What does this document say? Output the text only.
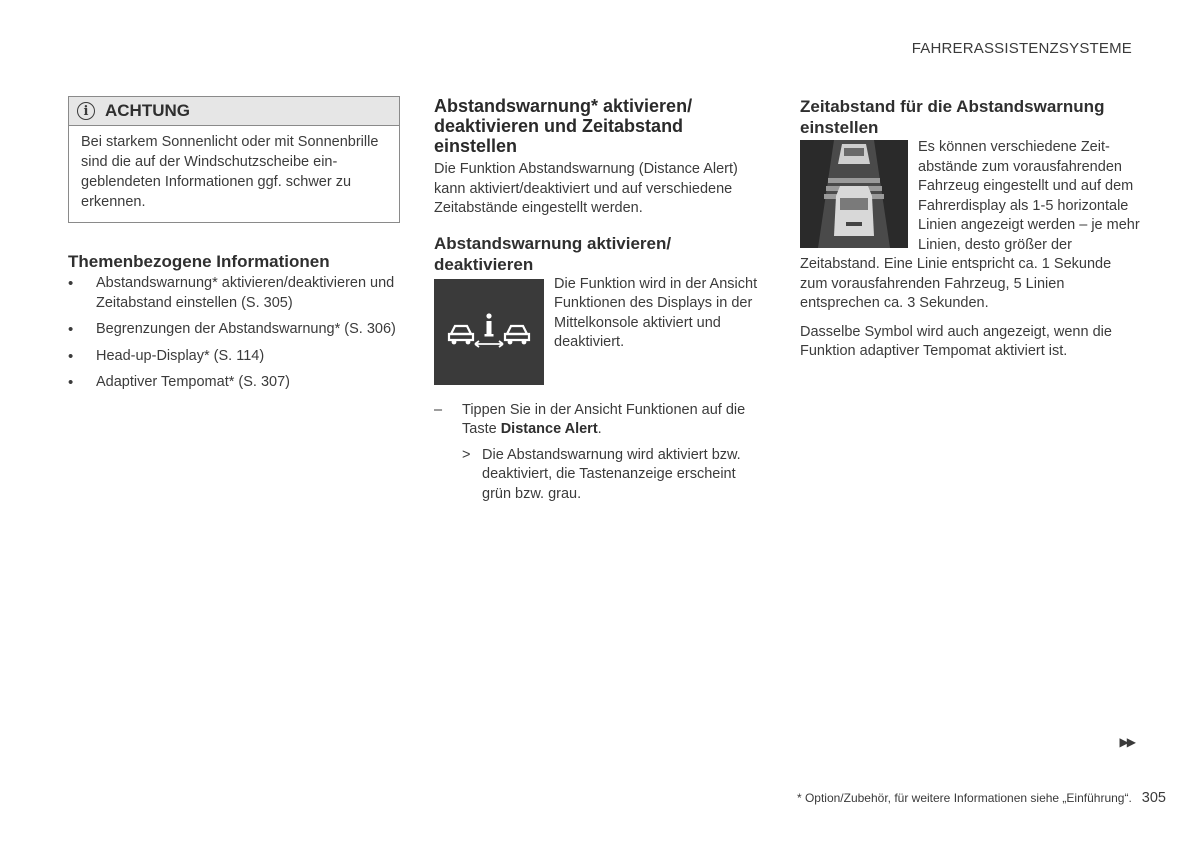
FAHRERASSISTENZSYSTEME
i ACHTUNG
Bei starkem Sonnenlicht oder mit Sonnenbrille sind die auf der Windschutzscheibe eingeblendeten Informationen ggf. schwer zu erkennen.
Themenbezogene Informationen
• Abstandswarnung* aktivieren/deaktivieren und Zeitabstand einstellen (S. 305)
• Begrenzungen der Abstandswarnung* (S. 306)
• Head-up-Display* (S. 114)
• Adaptiver Tempomat* (S. 307)
Abstandswarnung* aktivieren/ deaktivieren und Zeitabstand einstellen

Die Funktion Abstandswarnung (Distance Alert) kann aktiviert/deaktiviert und auf verschiedene Zeitabstände eingestellt werden.

Abstandswarnung aktivieren/ deaktivieren

Die Funktion wird in der Ansicht Funktionen des Displays in der Mittelkonsole aktiviert und deaktiviert.

– Tippen Sie in der Ansicht Funktionen auf die Taste Distance Alert.
> Die Abstandswarnung wird aktiviert bzw. deaktiviert, die Tastenanzeige erscheint grün bzw. grau.
Zeitabstand für die Abstandswarnung einstellen

Es können verschiedene Zeitabstände zum vorausfahrenden Fahrzeug eingestellt und auf dem Fahrerdisplay als 1-5 horizontale Linien angezeigt werden – je mehr Linien, desto größer der Zeitabstand. Eine Linie entspricht ca. 1 Sekunde zum vorausfahrenden Fahrzeug, 5 Linien entsprechen ca. 3 Sekunden.

Dasselbe Symbol wird auch angezeigt, wenn die Funktion adaptiver Tempomat aktiviert ist.

▶▶
* Option/Zubehör, für weitere Informationen siehe „Einführung“. 305
